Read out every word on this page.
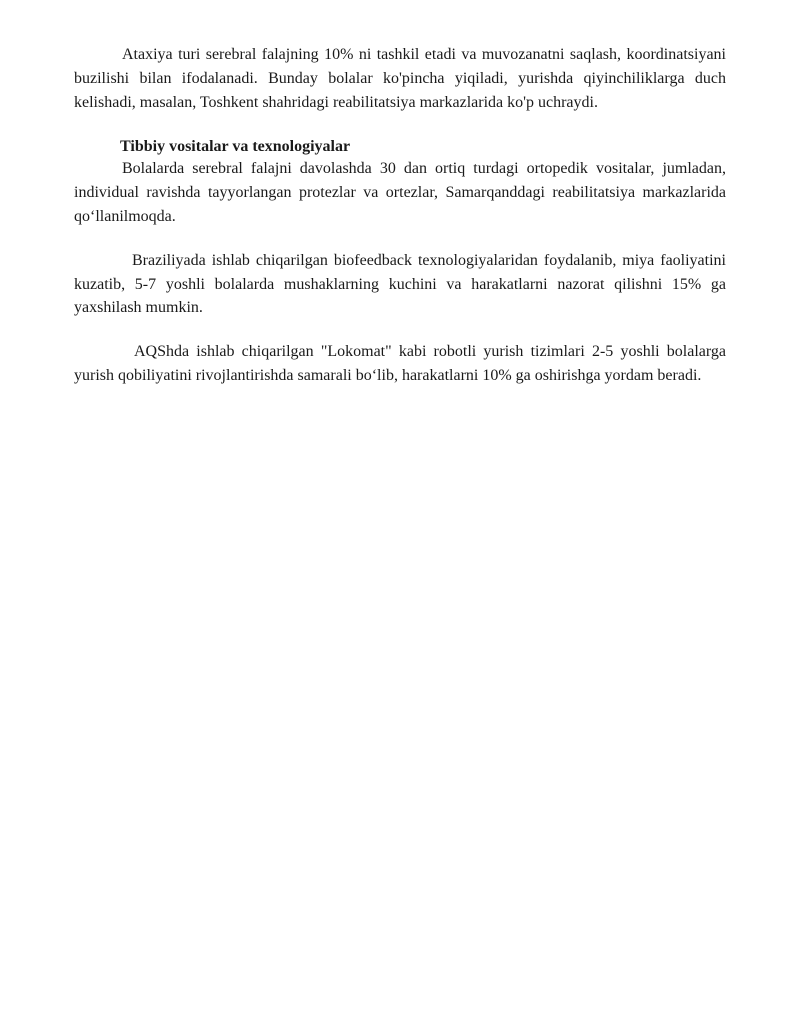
Ataxiya turi serebral falajning 10% ni tashkil etadi va muvozanatni saqlash, koordinatsiyani buzilishi bilan ifodalanadi. Bunday bolalar ko'pincha yiqiladi, yurishda qiyinchiliklarga duch kelishadi, masalan, Toshkent shahridagi reabilitatsiya markazlarida ko'p uchraydi.

Tibbiy vositalar va texnologiyalar

Bolalarda serebral falajni davolashda 30 dan ortiq turdagi ortopedik vositalar, jumladan, individual ravishda tayyorlangan protezlar va ortezlar, Samarqanddagi reabilitatsiya markazlarida qo‘llanilmoqda.

Braziliyada ishlab chiqarilgan biofeedback texnologiyalaridan foydalanib, miya faoliyatini kuzatib, 5-7 yoshli bolalarda mushaklarning kuchini va harakatlarni nazorat qilishni 15% ga yaxshilash mumkin.

AQShda ishlab chiqarilgan "Lokomat" kabi robotli yurish tizimlari 2-5 yoshli bolalarga yurish qobiliyatini rivojlantirishda samarali bo‘lib, harakatlarni 10% ga oshirishga yordam beradi.
